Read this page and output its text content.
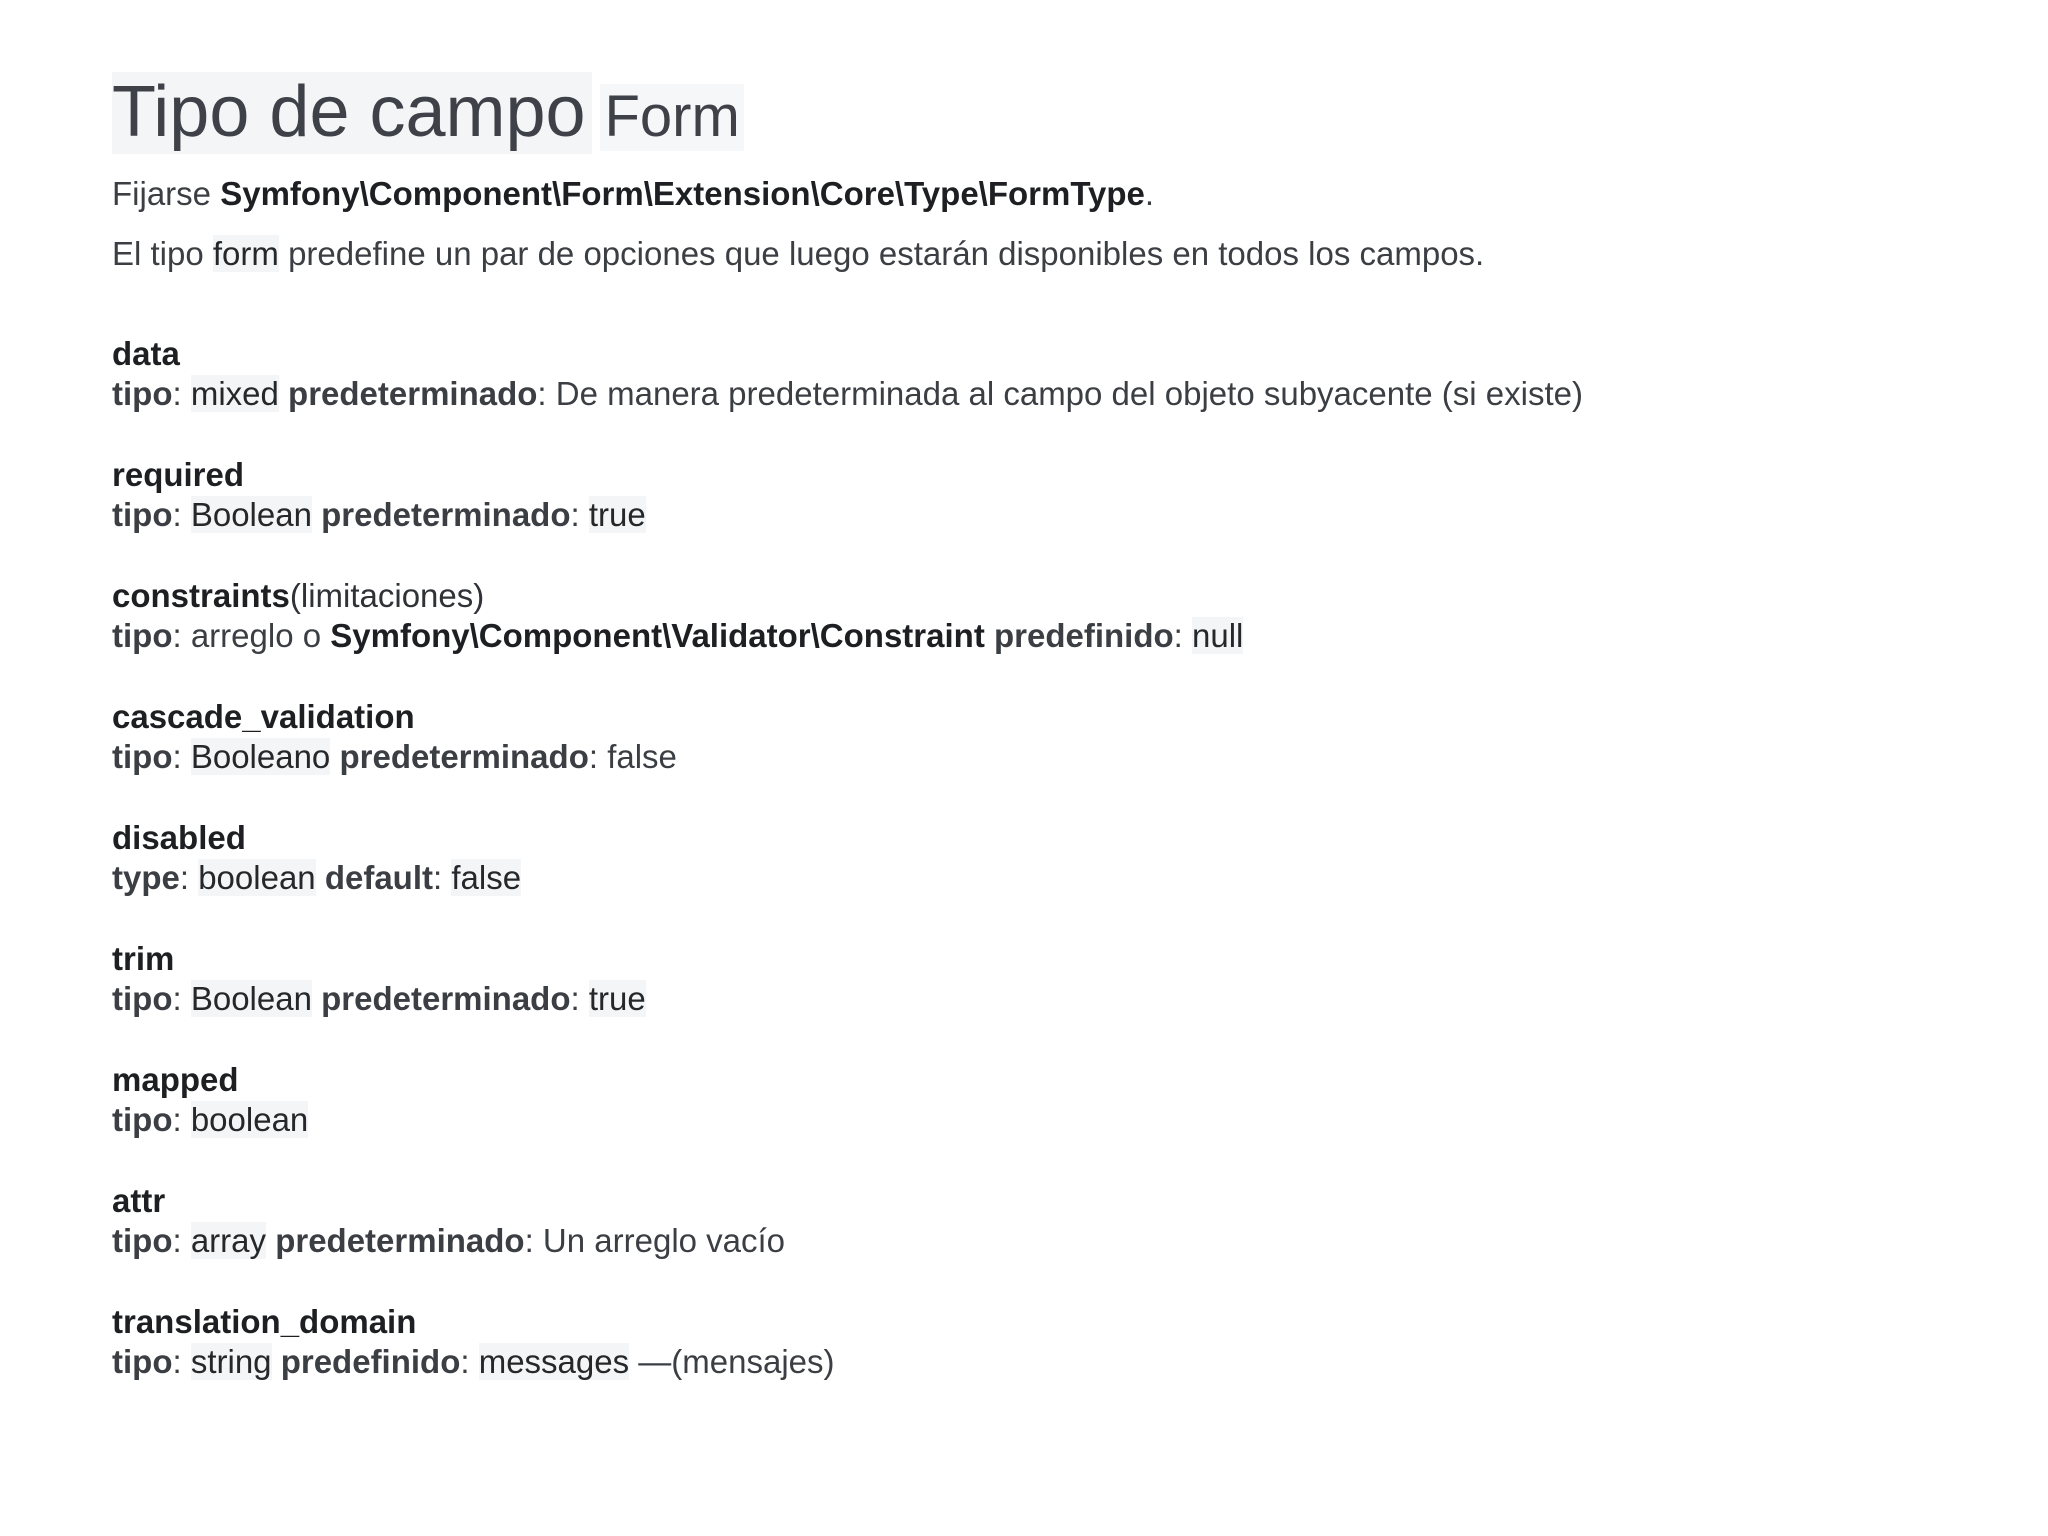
Tipo de campo Form

Fijarse Symfony\Component\Form\Extension\Core\Type\FormType.

El tipo form predefine un par de opciones que luego estarán disponibles en todos los campos.

data
tipo: mixed predeterminado: De manera predeterminada al campo del objeto subyacente (si existe)
required
tipo: Boolean predeterminado: true
constraints(limitaciones)
tipo: arreglo o Symfony\Component\Validator\Constraint predefinido: null
cascade_validation
tipo: Booleano predeterminado: false
disabled
type: boolean default: false
trim
tipo: Boolean predeterminado: true
mapped
tipo: boolean
attr
tipo: array predeterminado: Un arreglo vacío
translation_domain
tipo: string predefinido: messages —(mensajes)
